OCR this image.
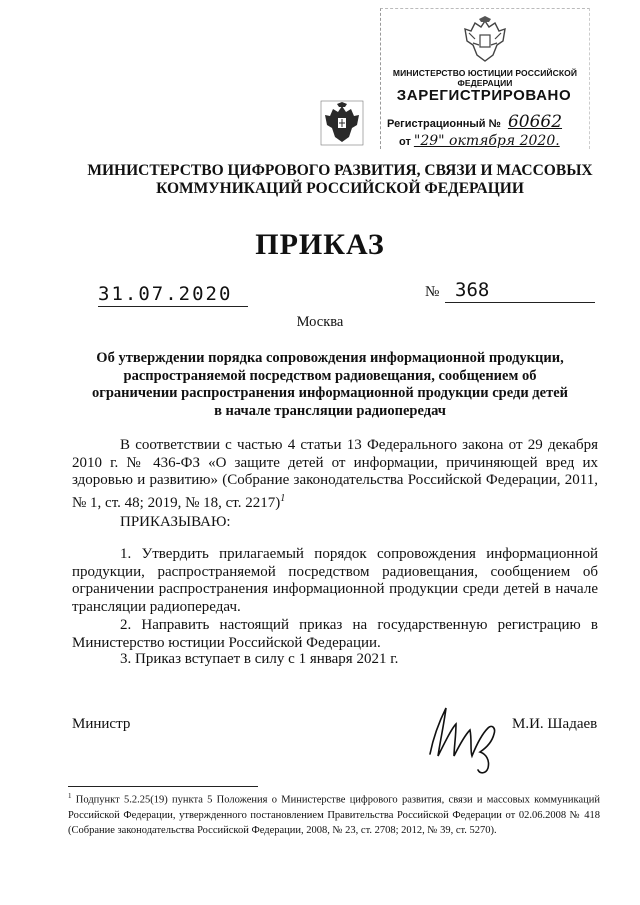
МИНИСТЕРСТВО ЮСТИЦИИ РОССИЙСКОЙ ФЕДЕРАЦИИ
ЗАРЕГИСТРИРОВАНО
Регистрационный № 60662
от "29" октября 2020.
МИНИСТЕРСТВО ЦИФРОВОГО РАЗВИТИЯ, СВЯЗИ И МАССОВЫХ
КОММУНИКАЦИЙ РОССИЙСКОЙ ФЕДЕРАЦИИ
ПРИКАЗ
31.07.2020	№ 368
Москва
Об утверждении порядка сопровождения информационной продукции, распространяемой посредством радиовещания, сообщением об ограничении распространения информационной продукции среди детей в начале трансляции радиопередач
В соответствии с частью 4 статьи 13 Федерального закона от 29 декабря 2010 г. № 436-ФЗ «О защите детей от информации, причиняющей вред их здоровью и развитию» (Собрание законодательства Российской Федерации, 2011, № 1, ст. 48; 2019, № 18, ст. 2217)$^1$
ПРИКАЗЫВАЮ:
1. Утвердить прилагаемый порядок сопровождения информационной продукции, распространяемой посредством радиовещания, сообщением об ограничении распространения информационной продукции среди детей в начале трансляции радиопередач.
2. Направить настоящий приказ на государственную регистрацию в Министерство юстиции Российской Федерации.
3. Приказ вступает в силу с 1 января 2021 г.
Министр	М.И. Шадаев
$^1$ Подпункт 5.2.25(19) пункта 5 Положения о Министерстве цифрового развития, связи и массовых коммуникаций Российской Федерации, утвержденного постановлением Правительства Российской Федерации от 02.06.2008 № 418 (Собрание законодательства Российской Федерации, 2008, № 23, ст. 2708; 2012, № 39, ст. 5270).
